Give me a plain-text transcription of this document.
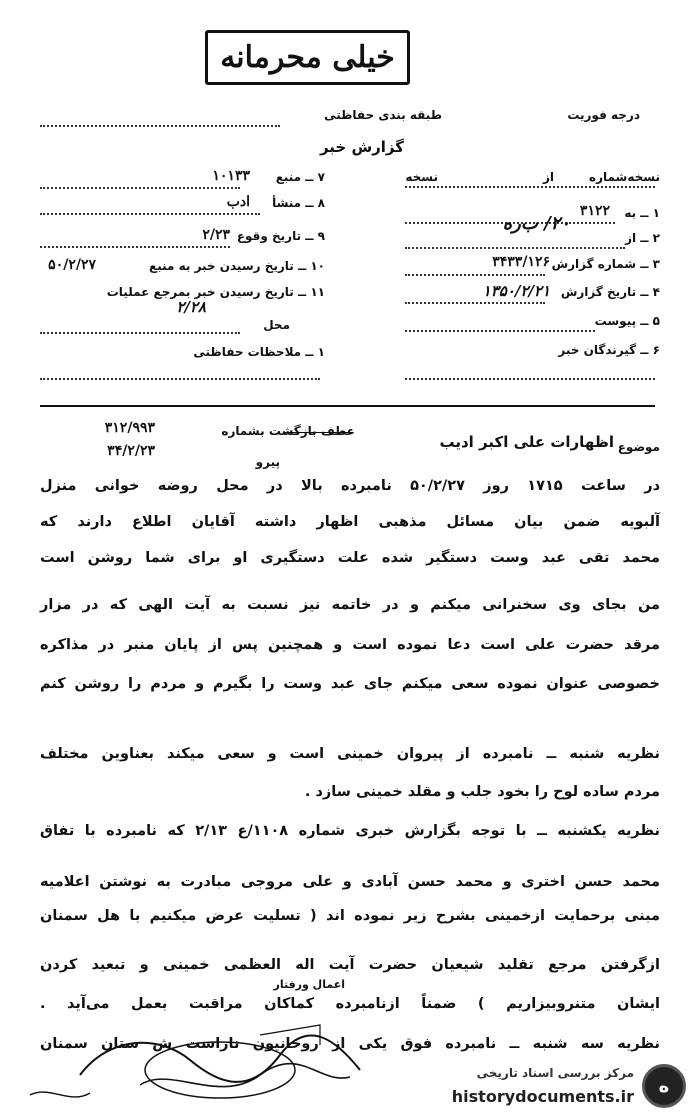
خیلی محرمانه
درجه فوریت
طبقه بندی حفاظتی
گزارش خبر
نسخه‌شماره
از
نسخه
۱ ــ به
۳۱۲۲
۲ ــ از
۲۰/ ب‌ره
۳ ــ شماره گزارش
۳۴۳۳/۱۲۶
۴ ــ تاریخ گزارش
۱۳۵۰/۲/۲۱
۵ ــ پیوست
۶ ــ گیرندگان خبر
۷ ــ منبع
۱۰۱۳۳
۸ ــ منشأ
ادب
۹ ــ تاریخ وقوع
۲/۲۳
۱۰ ــ تاریخ رسیدن خبر به منبع
۵۰/۲/۲۷
۱۱ ــ تاریخ رسیدن خبر بمرجع عملیات
۲/۲۸
محل
۱ ــ ملاحظات حفاظتی
موضوع
اظهارات علی اکبر ادیب
عطف بازگشت بشماره
۳۱۲/۹۹۳
۳۴/۲/۲۳
پیرو
در ساعت ۱۷۱۵ روز ۵۰/۲/۲۷ نامبرده بالا در محل روضه خوانی منزل
آلبویه ضمن بیان مسائل مذهبی اظهار داشته آقایان اطلاع دارند که
محمد تقی عبد وست دستگیر شده علت دستگیری او برای شما روشن است
من بجای وی سخنرانی میکنم و در خاتمه نیز نسبت به آیت الهی که در مزار
مرقد حضرت علی است دعا نموده است و همچنین پس از پایان منبر در مذاکره
خصوصی عنوان نموده سعی میکنم جای عبد وست را بگیرم و مردم را روشن کنم
نظریه شنبه ــ نامبرده از پیروان خمینی است و سعی میکند بعناوین مختلف
مردم ساده لوح را بخود جلب و مقلد خمینی سازد .
نظریه یکشنبه ــ با توجه بگزارش خبری شماره ۱۱۰۸/ع ۲/۱۳ که نامبرده با تفاق
محمد حسن اختری و محمد حسن آبادی و علی مروجی مبادرت به نوشتن اعلامیه
مبنی برحمایت ازخمینی بشرح زیر نموده اند ( تسلیت عرض میکنیم با هل سمنان
ازگرفتن مرجع تقلید شیعیان حضرت آیت اله العظمی خمینی و تبعید کردن
ایشان متنروبیزاریم ) ضمناً ازنامبرده کماکان مراقبت بعمل می‌آید .
نظریه سه شنبه ــ نامبرده فوق یکی از روحانیون ناراست ش ستان سمنان
اعمال ورفتار
ه
مرکز بررسی اسناد تاریخی
historydocuments.ir
